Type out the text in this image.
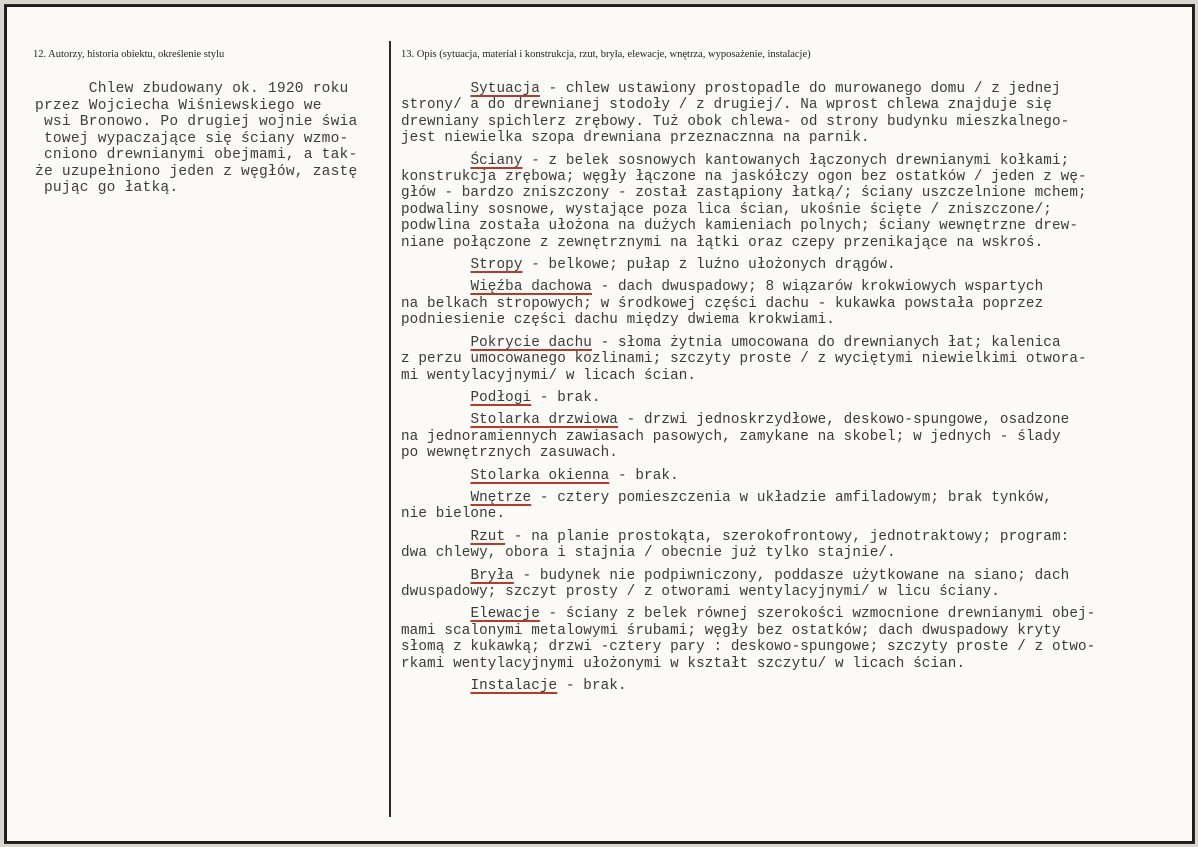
12. Autorzy, historia obiektu, określenie stylu	13. Opis (sytuacja, materiał i konstrukcja, rzut, bryła, elewacje, wnętrza, wyposażenie, instalacje)
Chlew zbudowany ok. 1920 roku
przez Wojciecha Wiśniewskiego we
wsi Bronowo. Po drugiej wojnie świa
towej wypaczające się ściany wzmo-
cniono drewnianymi obejmami, a tak-
że uzupełniono jeden z węgłów, zastę
pując go łatką.
Sytuacja - chlew ustawiony prostopadle do murowanego domu / z jednej
strony/ a do drewnianej stodoły / z drugiej/. Na wprost chlewa znajduje się
drewniany spichlerz zrębowy. Tuż obok chlewa- od strony budynku mieszkalnego-
jest niewielka szopa drewniana przeznacznna na parnik.
Ściany - z belek sosnowych kantowanych łączonych drewnianymi kołkami;
konstrukcja zrębowa; węgły łączone na jaskółczy ogon bez ostatków / jeden z wę-
głów - bardzo zniszczony - został zastąpiony łatką/; ściany uszczelnione mchem;
podwaliny sosnowe, wystające poza lica ścian, ukośnie ścięte / zniszczone/;
podwlina została ułożona na dużych kamieniach polnych; ściany wewnętrzne drew-
niane połączone z zewnętrznymi na łątki oraz czepy przenikające na wskroś.
Stropy - belkowe; pułap z luźno ułożonych drągów.
Więźba dachowa - dach dwuspadowy; 8 wiązarów krokwiowych wspartych
na belkach stropowych; w środkowej części dachu - kukawka powstała poprzez
podniesienie części dachu między dwiema krokwiami.
Pokrycie dachu - słoma żytnia umocowana do drewnianych łat; kalenica
z perzu umocowanego kozlinami; szczyty proste / z wyciętymi niewielkimi otwora-
mi wentylacyjnymi/ w licach ścian.
Podłogi - brak.
Stolarka drzwiowa - drzwi jednoskrzydłowe, deskowo-spungowe, osadzone
na jednoramiennych zawiasach pasowych, zamykane na skobel; w jednych - ślady
po wewnętrznych zasuwach.
Stolarka okienna - brak.
Wnętrze - cztery pomieszczenia w układzie amfiladowym; brak tynków,
nie bielone.
Rzut - na planie prostokąta, szerokofrontowy, jednotraktowy; program:
dwa chlewy, obora i stajnia / obecnie już tylko stajnie/.
Bryła - budynek nie podpiwniczony, poddasze użytkowane na siano; dach
dwuspadowy; szczyt prosty / z otworami wentylacyjnymi/ w licu ściany.
Elewacje - ściany z belek równej szerokości wzmocnione drewnianymi obej-
mami scalonymi metalowymi śrubami; węgły bez ostatków; dach dwuspadowy kryty
słomą z kukawką; drzwi -cztery pary : deskowo-spungowe; szczyty proste / z otwo-
rkami wentylacyjnymi ułożonymi w kształt szczytu/ w licach ścian.
Instalacje - brak.
